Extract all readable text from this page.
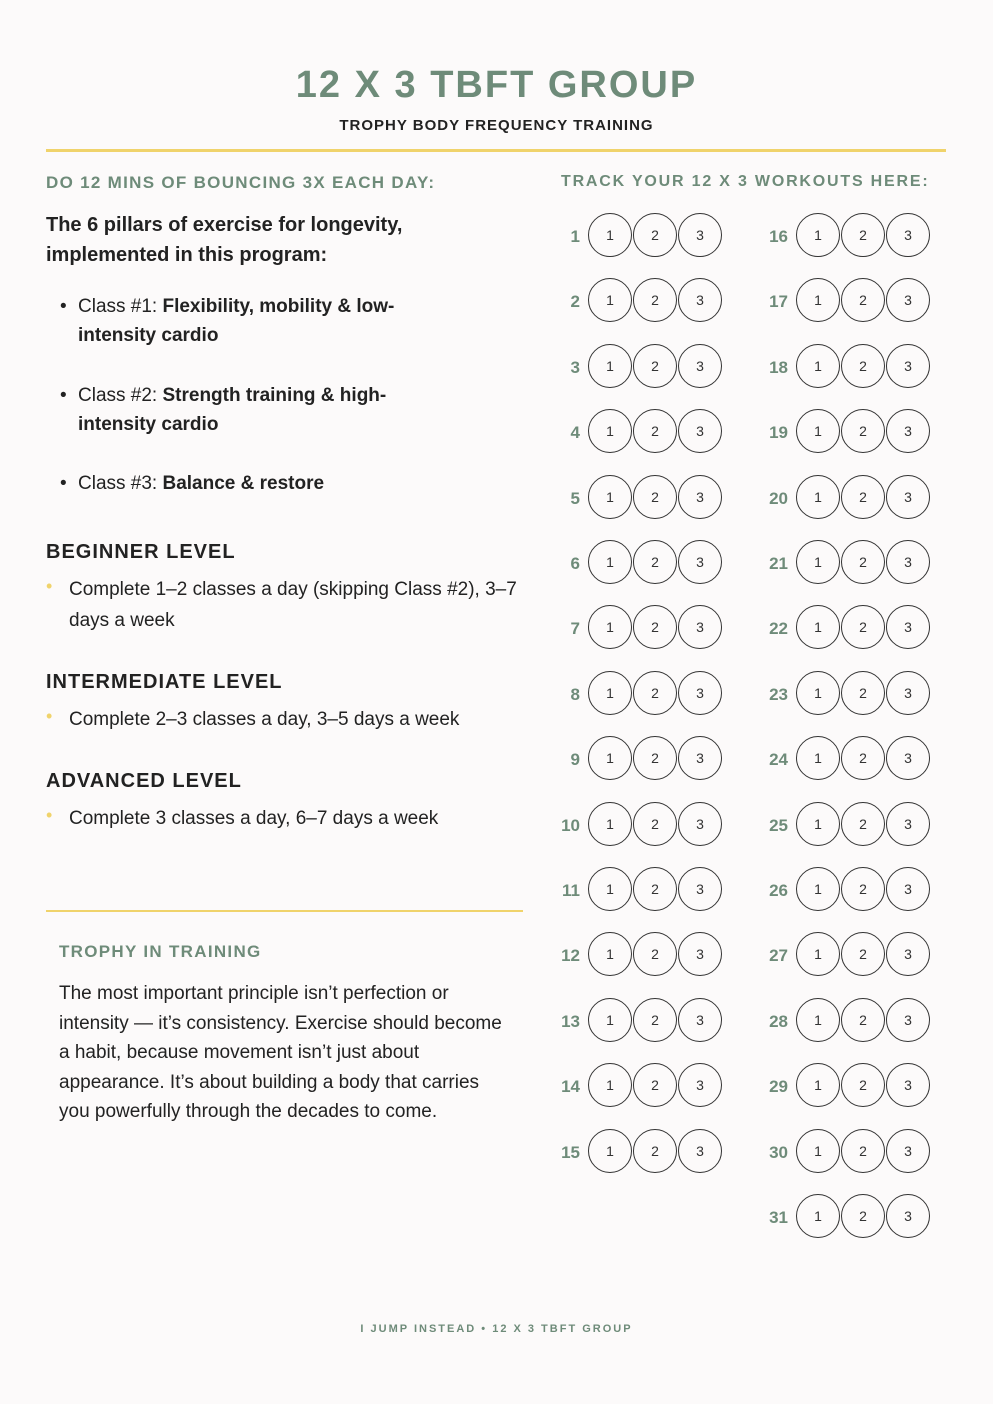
12 X 3 TBFT GROUP
TROPHY BODY FREQUENCY TRAINING
DO 12 MINS OF BOUNCING 3X EACH DAY:
The 6 pillars of exercise for longevity, implemented in this program:
• Class #1: Flexibility, mobility & low-intensity cardio
• Class #2: Strength training & high-intensity cardio
• Class #3: Balance & restore
BEGINNER LEVEL
• Complete 1–2 classes a day (skipping Class #2), 3–7 days a week
INTERMEDIATE LEVEL
• Complete 2–3 classes a day, 3–5 days a week
ADVANCED LEVEL
• Complete 3 classes a day, 6–7 days a week
TROPHY IN TRAINING
The most important principle isn’t perfection or intensity — it’s consistency. Exercise should become a habit, because movement isn’t just about appearance. It’s about building a body that carries you powerfully through the decades to come.
TRACK YOUR 12 X 3 WORKOUTS HERE:
1	1	2	3
2	1	2	3
3	1	2	3
4	1	2	3
5	1	2	3
6	1	2	3
7	1	2	3
8	1	2	3
9	1	2	3
10	1	2	3
11	1	2	3
12	1	2	3
13	1	2	3
14	1	2	3
15	1	2	3
16	1	2	3
17	1	2	3
18	1	2	3
19	1	2	3
20	1	2	3
21	1	2	3
22	1	2	3
23	1	2	3
24	1	2	3
25	1	2	3
26	1	2	3
27	1	2	3
28	1	2	3
29	1	2	3
30	1	2	3
31	1	2	3
I JUMP INSTEAD • 12 X 3 TBFT GROUP
